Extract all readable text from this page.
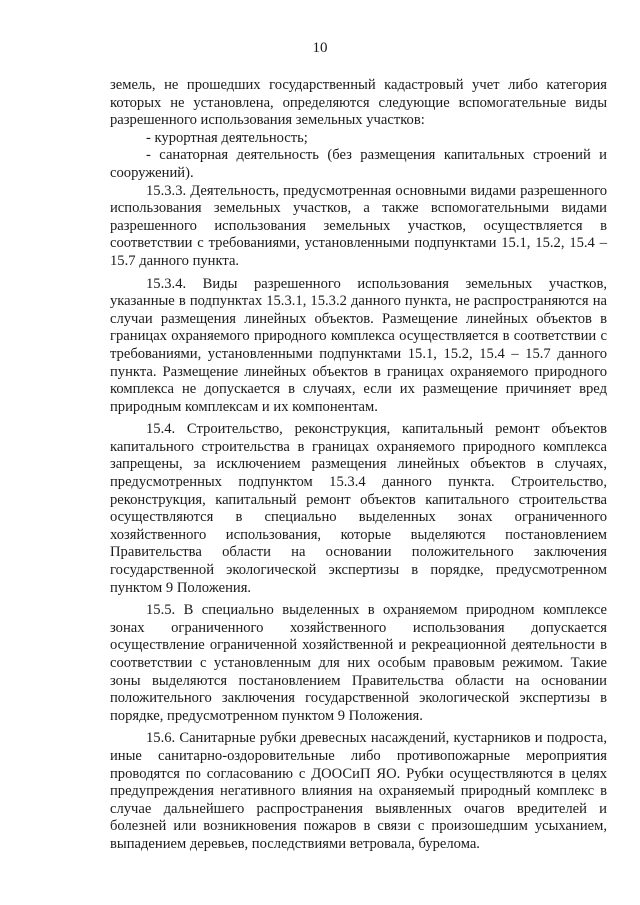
10

земель, не прошедших государственный кадастровый учет либо категория которых не установлена, определяются следующие вспомогательные виды разрешенного использования земельных участков:

- курортная деятельность;

- санаторная деятельность (без размещения капитальных строений и сооружений).

15.3.3. Деятельность, предусмотренная основными видами разрешенного использования земельных участков, а также вспомогательными видами разрешенного использования земельных участков, осуществляется в соответствии с требованиями, установленными подпунктами 15.1, 15.2, 15.4 – 15.7 данного пункта.

15.3.4. Виды разрешенного использования земельных участков, указанные в подпунктах 15.3.1, 15.3.2 данного пункта, не распространяются на случаи размещения линейных объектов. Размещение линейных объектов в границах охраняемого природного комплекса осуществляется в соответствии с требованиями, установленными подпунктами 15.1, 15.2, 15.4 – 15.7 данного пункта. Размещение линейных объектов в границах охраняемого природного комплекса не допускается в случаях, если их размещение причиняет вред природным комплексам и их компонентам.

15.4. Строительство, реконструкция, капитальный ремонт объектов капитального строительства в границах охраняемого природного комплекса запрещены, за исключением размещения линейных объектов в случаях, предусмотренных подпунктом 15.3.4 данного пункта. Строительство, реконструкция, капитальный ремонт объектов капитального строительства осуществляются в специально выделенных зонах ограниченного хозяйственного использования, которые выделяются постановлением Правительства области на основании положительного заключения государственной экологической экспертизы в порядке, предусмотренном пунктом 9 Положения.

15.5. В специально выделенных в охраняемом природном комплексе зонах ограниченного хозяйственного использования допускается осуществление ограниченной хозяйственной и рекреационной деятельности в соответствии с установленным для них особым правовым режимом. Такие зоны выделяются постановлением Правительства области на основании положительного заключения государственной экологической экспертизы в порядке, предусмотренном пунктом 9 Положения.

15.6. Санитарные рубки древесных насаждений, кустарников и подроста, иные санитарно-оздоровительные либо противопожарные мероприятия проводятся по согласованию с ДООСиП ЯО. Рубки осуществляются в целях предупреждения негативного влияния на охраняемый природный комплекс в случае дальнейшего распространения выявленных очагов вредителей и болезней или возникновения пожаров в связи с произошедшим усыханием, выпадением деревьев, последствиями ветровала, бурелома.
